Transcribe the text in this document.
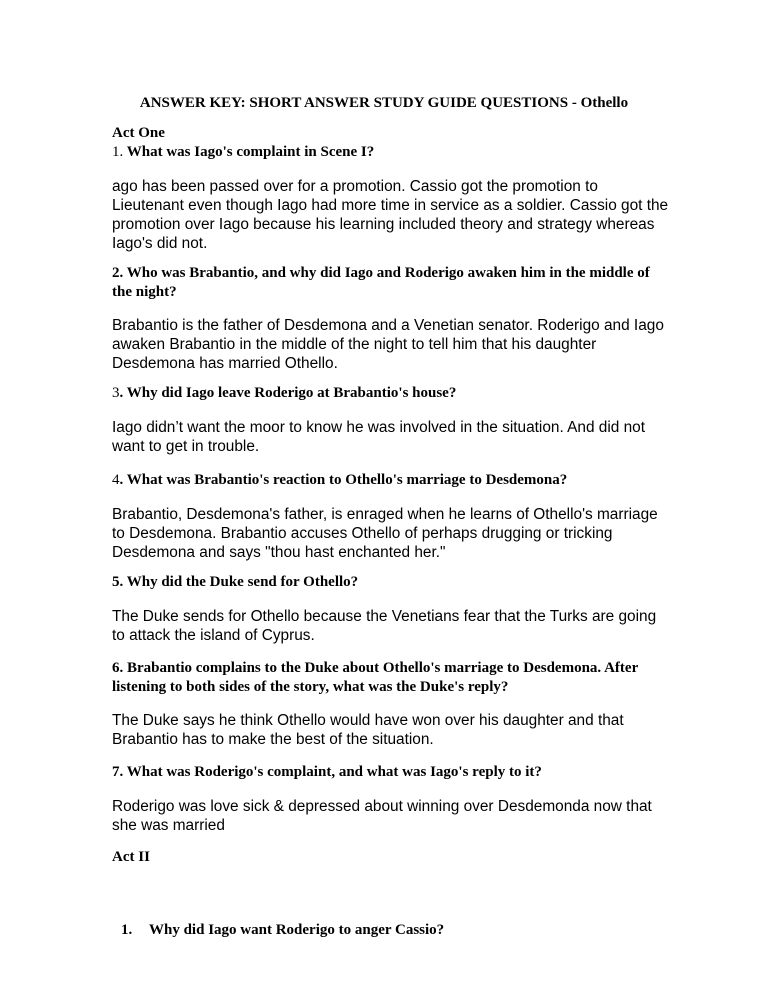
ANSWER KEY: SHORT ANSWER STUDY GUIDE QUESTIONS - Othello
Act One
1. What was Iago's complaint in Scene I?
ago has been passed over for a promotion. Cassio got the promotion to Lieutenant even though Iago had more time in service as a soldier. Cassio got the promotion over Iago because his learning included theory and strategy whereas Iago's did not.
2. Who was Brabantio, and why did Iago and Roderigo awaken him in the middle of the night?
Brabantio is the father of Desdemona and a Venetian senator. Roderigo and Iago awaken Brabantio in the middle of the night to tell him that his daughter Desdemona has married Othello.
3. Why did Iago leave Roderigo at Brabantio's house?
Iago didn’t want the moor to know he was involved in the situation. And did not want to get in trouble.
4. What was Brabantio's reaction to Othello's marriage to Desdemona?
Brabantio, Desdemona's father, is enraged when he learns of Othello's marriage to Desdemona. Brabantio accuses Othello of perhaps drugging or tricking Desdemona and says "thou hast enchanted her."
5. Why did the Duke send for Othello?
The Duke sends for Othello because the Venetians fear that the Turks are going to attack the island of Cyprus.
6. Brabantio complains to the Duke about Othello's marriage to Desdemona. After listening to both sides of the story, what was the Duke's reply?
The Duke says he think Othello would have won over his daughter and that Brabantio has to make the best of the situation.
7. What was Roderigo's complaint, and what was Iago's reply to it?
Roderigo was love sick & depressed about winning over Desdemonda now that she was married
Act II
1. Why did Iago want Roderigo to anger Cassio?
